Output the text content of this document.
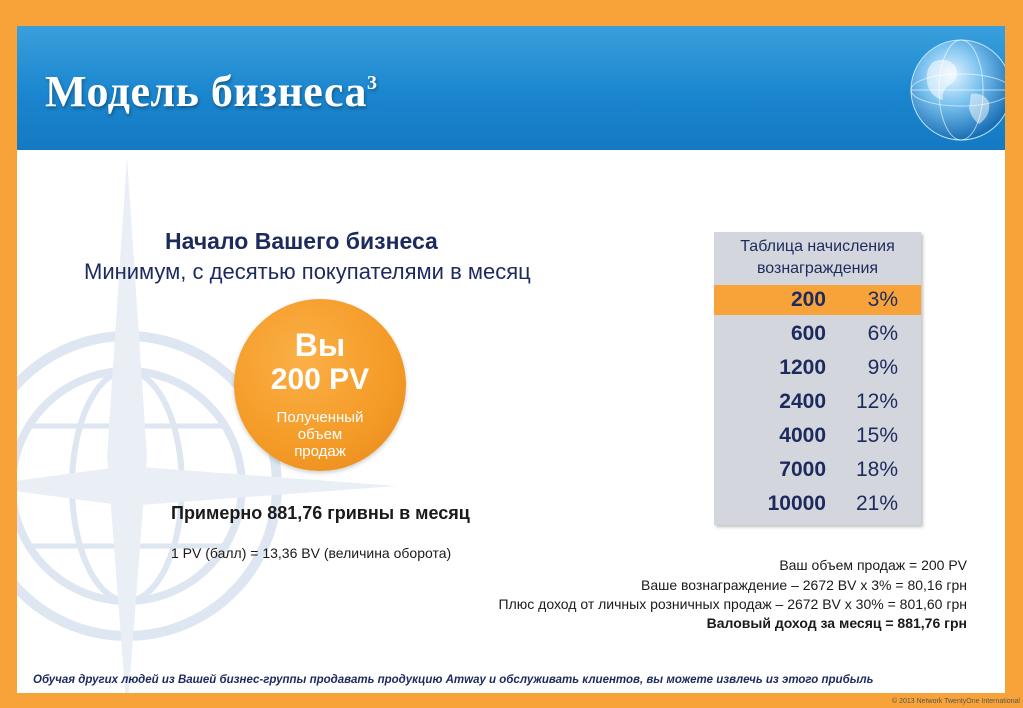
Модель бизнеса$^3$
Начало Вашего бизнеса
Минимум, с десятью покупателями в месяц
Вы
200 PV
Полученный
объем
продаж
Примерно 881,76 гривны в месяц
1 PV (балл) = 13,36 BV (величина оборота)
Таблица начисления
вознаграждения
200	3%
600	6%
1200	9%
2400	12%
4000	15%
7000	18%
10000	21%
Ваш объем продаж = 200 PV
Ваше вознаграждение – 2672 BV x 3% = 80,16 грн
Плюс доход от личных розничных продаж – 2672 BV x 30% = 801,60 грн
Валовый доход за месяц = 881,76 грн
Обучая других людей из Вашей бизнес-группы продавать продукцию Amway и обслуживать клиентов, вы можете извлечь из этого прибыль
© 2013 Network TwentyOne International
